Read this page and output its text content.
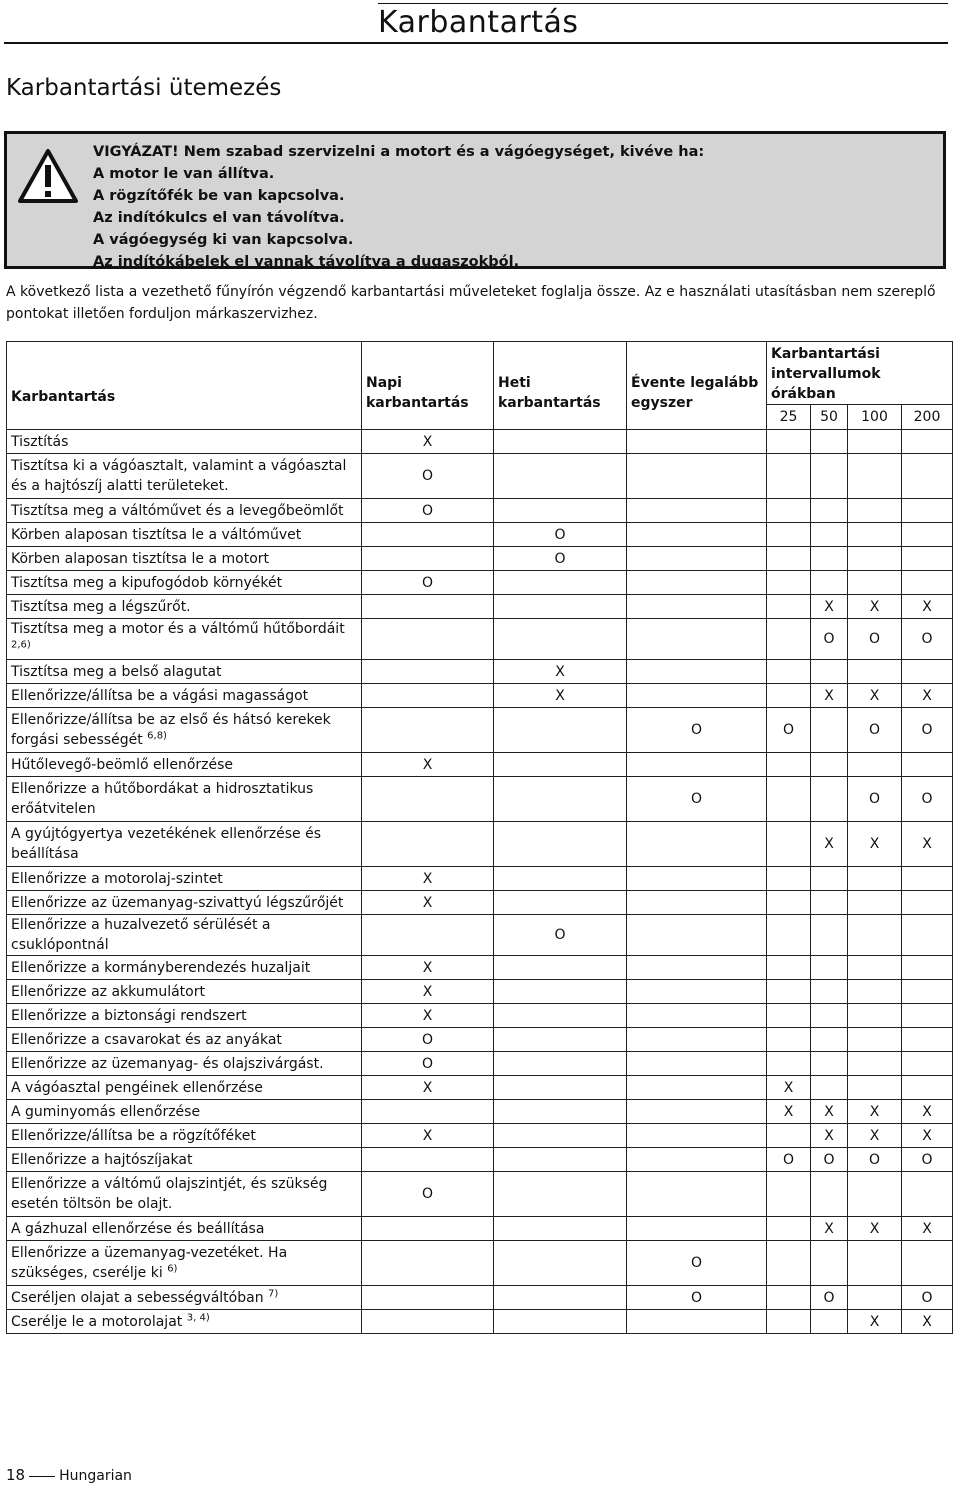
Karbantartás
Karbantartási ütemezés
VIGYÁZAT! Nem szabad szervizelni a motort és a vágóegységet, kivéve ha:
A motor le van állítva.
A rögzítőfék be van kapcsolva.
Az indítókulcs el van távolítva.
A vágóegység ki van kapcsolva.
Az indítókábelek el vannak távolítva a dugaszokból.

A következő lista a vezethető fűnyírón végzendő karbantartási műveleteket foglalja össze. Az e használati utasításban nem szereplő pontokat illetően forduljon márkaszervizhez.

Karbantartás	Napi karbantartás	Heti karbantartás	Évente legalább egyszer	Karbantartási intervallumok órákban			
				25	50	100	200
Tisztítás	X						
Tisztítsa ki a vágóasztalt, valamint a vágóasztal és a hajtószíj alatti területeket.	O						
Tisztítsa meg a váltóművet és a levegőbeömlőt	O						
Körben alaposan tisztítsa le a váltóművet		O					
Körben alaposan tisztítsa le a motort		O					
Tisztítsa meg a kipufogódob környékét	O						
Tisztítsa meg a légszűrőt.					X	X	X
Tisztítsa meg a motor és a váltómű hűtőbordáit $^{2,6)}$					O	O	O
Tisztítsa meg a belső alagutat		X					
Ellenőrizze/állítsa be a vágási magasságot		X			X	X	X
Ellenőrizze/állítsa be az első és hátsó kerekek forgási sebességét $^{6,8)}$			O	O		O	O
Hűtőlevegő-beömlő ellenőrzése	X						
Ellenőrizze a hűtőbordákat a hidrosztatikus erőátvitelen			O			O	O
A gyújtógyertya vezetékének ellenőrzése és beállítása					X	X	X
Ellenőrizze a motorolaj-szintet	X						
Ellenőrizze az üzemanyag-szivattyú légszűrőjét	X						
Ellenőrizze a huzalvezető sérülését a csuklópontnál		O					
Ellenőrizze a kormányberendezés huzaljait	X						
Ellenőrizze az akkumulátort	X						
Ellenőrizze a biztonsági rendszert	X						
Ellenőrizze a csavarokat és az anyákat	O						
Ellenőrizze az üzemanyag- és olajszivárgást.	O						
A vágóasztal pengéinek ellenőrzése	X			X			
A guminyomás ellenőrzése				X	X	X	X
Ellenőrizze/állítsa be a rögzítőféket	X				X	X	X
Ellenőrizze a hajtószíjakat				O	O	O	O
Ellenőrizze a váltómű olajszintjét, és szükség esetén töltsön be olajt.	O						
A gázhuzal ellenőrzése és beállítása					X	X	X
Ellenőrizze a üzemanyag-vezetéket. Ha szükséges, cserélje ki $^{6)}$			O				
Cseréljen olajat a sebességváltóban $^{7)}$			O		O		O
Cserélje le a motorolajat $^{3, 4)}$						X	X
18 Hungarian
